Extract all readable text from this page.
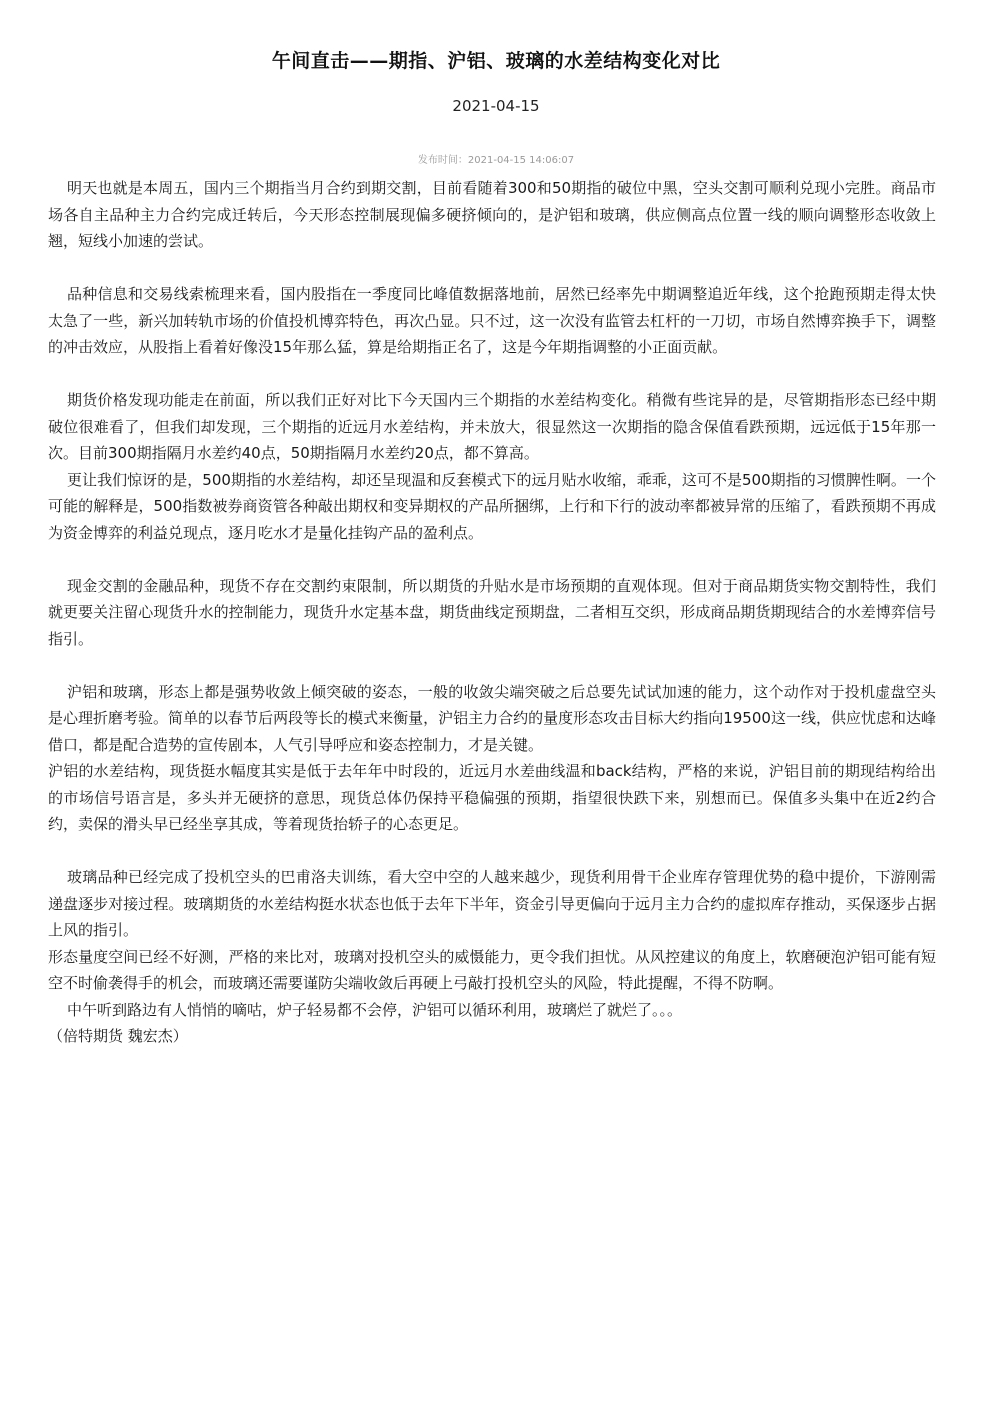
午间直击——期指、沪铝、玻璃的水差结构变化对比
2021-04-15
发布时间：2021-04-15 14:06:07

明天也就是本周五，国内三个期指当月合约到期交割，目前看随着300和50期指的破位中黑，空头交割可顺利兑现小完胜。商品市场各自主品种主力合约完成迁转后，今天形态控制展现偏多硬挤倾向的，是沪铝和玻璃，供应侧高点位置一线的顺向调整形态收敛上翘，短线小加速的尝试。

品种信息和交易线索梳理来看，国内股指在一季度同比峰值数据落地前，居然已经率先中期调整追近年线，这个抢跑预期走得太快太急了一些，新兴加转轨市场的价值投机博弈特色，再次凸显。只不过，这一次没有监管去杠杆的一刀切，市场自然博弈换手下，调整的冲击效应，从股指上看着好像没15年那么猛，算是给期指正名了，这是今年期指调整的小正面贡献。

期货价格发现功能走在前面，所以我们正好对比下今天国内三个期指的水差结构变化。稍微有些诧异的是，尽管期指形态已经中期破位很难看了，但我们却发现，三个期指的近远月水差结构，并未放大，很显然这一次期指的隐含保值看跌预期，远远低于15年那一次。目前300期指隔月水差约40点，50期指隔月水差约20点，都不算高。

更让我们惊讶的是，500期指的水差结构，却还呈现温和反套模式下的远月贴水收缩，乖乖，这可不是500期指的习惯脾性啊。一个可能的解释是，500指数被券商资管各种敲出期权和变异期权的产品所捆绑，上行和下行的波动率都被异常的压缩了，看跌预期不再成为资金博弈的利益兑现点，逐月吃水才是量化挂钩产品的盈利点。

现金交割的金融品种，现货不存在交割约束限制，所以期货的升贴水是市场预期的直观体现。但对于商品期货实物交割特性，我们就更要关注留心现货升水的控制能力，现货升水定基本盘，期货曲线定预期盘，二者相互交织，形成商品期货期现结合的水差博弈信号指引。

沪铝和玻璃，形态上都是强势收敛上倾突破的姿态，一般的收敛尖端突破之后总要先试试加速的能力，这个动作对于投机虚盘空头是心理折磨考验。简单的以春节后两段等长的模式来衡量，沪铝主力合约的量度形态攻击目标大约指向19500这一线，供应忧虑和达峰借口，都是配合造势的宣传剧本，人气引导呼应和姿态控制力，才是关键。

沪铝的水差结构，现货挺水幅度其实是低于去年年中时段的，近远月水差曲线温和back结构，严格的来说，沪铝目前的期现结构给出的市场信号语言是，多头并无硬挤的意思，现货总体仍保持平稳偏强的预期，指望很快跌下来，别想而已。保值多头集中在近2约合约，卖保的滑头早已经坐享其成，等着现货抬轿子的心态更足。

玻璃品种已经完成了投机空头的巴甫洛夫训练，看大空中空的人越来越少，现货利用骨干企业库存管理优势的稳中提价，下游刚需递盘逐步对接过程。玻璃期货的水差结构挺水状态也低于去年下半年，资金引导更偏向于远月主力合约的虚拟库存推动，买保逐步占据上风的指引。

形态量度空间已经不好测，严格的来比对，玻璃对投机空头的威慑能力，更令我们担忧。从风控建议的角度上，软磨硬泡沪铝可能有短空不时偷袭得手的机会，而玻璃还需要谨防尖端收敛后再硬上弓敲打投机空头的风险，特此提醒，不得不防啊。

中午听到路边有人悄悄的嘀咕，炉子轻易都不会停，沪铝可以循环利用，玻璃烂了就烂了。。。

（倍特期货 魏宏杰）
